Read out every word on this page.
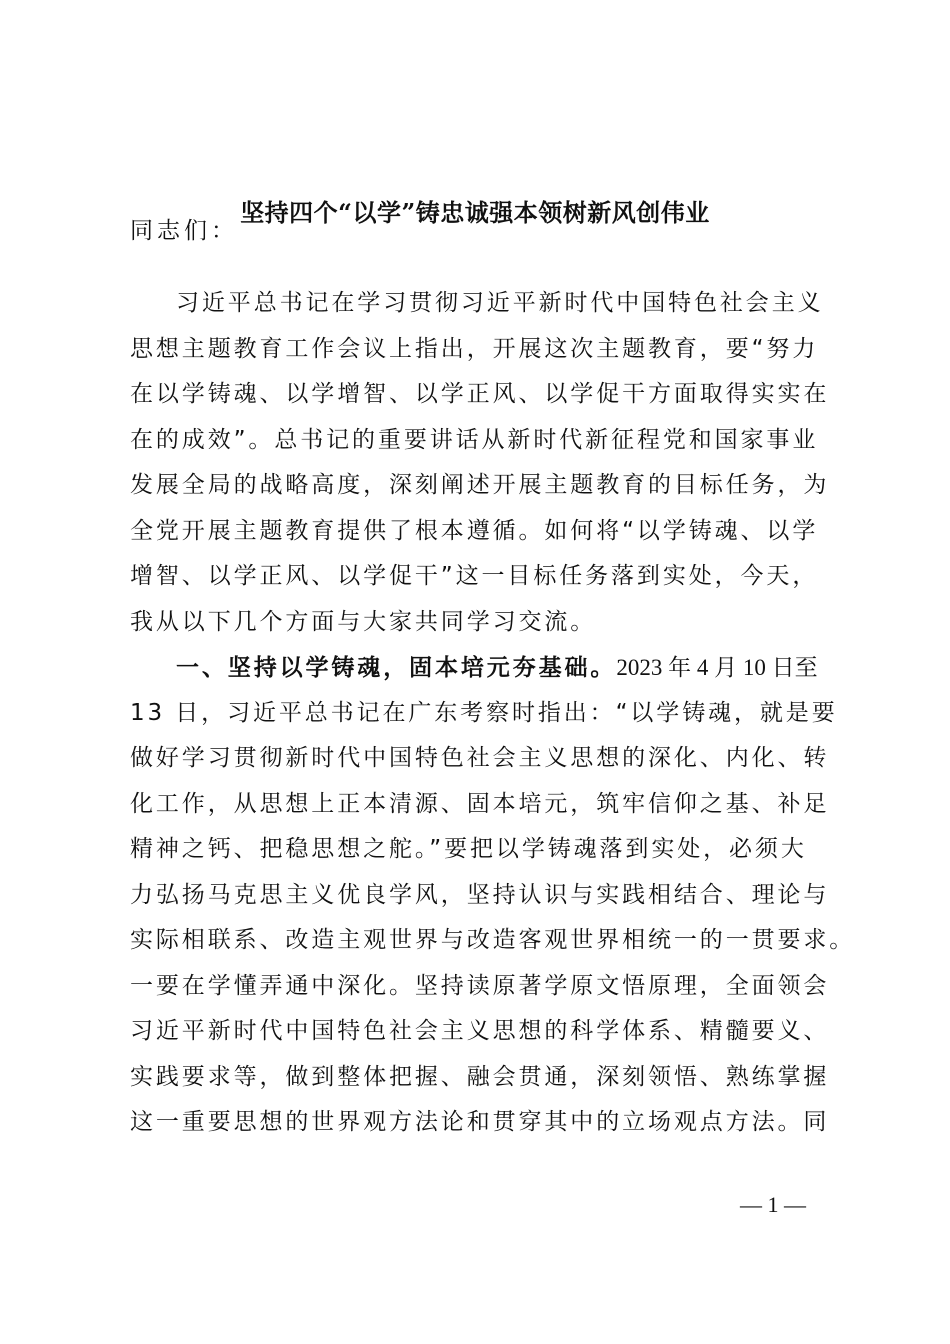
坚持四个“以学”铸忠诚强本领树新风创伟业
同志们：
习近平总书记在学习贯彻习近平新时代中国特色社会主义
思想主题教育工作会议上指出，开展这次主题教育，要“努力
在以学铸魂、以学增智、以学正风、以学促干方面取得实实在
在的成效”。总书记的重要讲话从新时代新征程党和国家事业
发展全局的战略高度，深刻阐述开展主题教育的目标任务，为
全党开展主题教育提供了根本遵循。如何将“以学铸魂、以学
增智、以学正风、以学促干”这一目标任务落到实处，今天，
我从以下几个方面与大家共同学习交流。
一、坚持以学铸魂，固本培元夯基础。2023 年 4 月 10 日至
13 日，习近平总书记在广东考察时指出：“以学铸魂，就是要
做好学习贯彻新时代中国特色社会主义思想的深化、内化、转
化工作，从思想上正本清源、固本培元，筑牢信仰之基、补足
精神之钙、把稳思想之舵。”要把以学铸魂落到实处，必须大
力弘扬马克思主义优良学风，坚持认识与实践相结合、理论与
实际相联系、改造主观世界与改造客观世界相统一的一贯要求。
一要在学懂弄通中深化。坚持读原著学原文悟原理，全面领会
习近平新时代中国特色社会主义思想的科学体系、精髓要义、
实践要求等，做到整体把握、融会贯通，深刻领悟、熟练掌握
这一重要思想的世界观方法论和贯穿其中的立场观点方法。同
— 1 —
